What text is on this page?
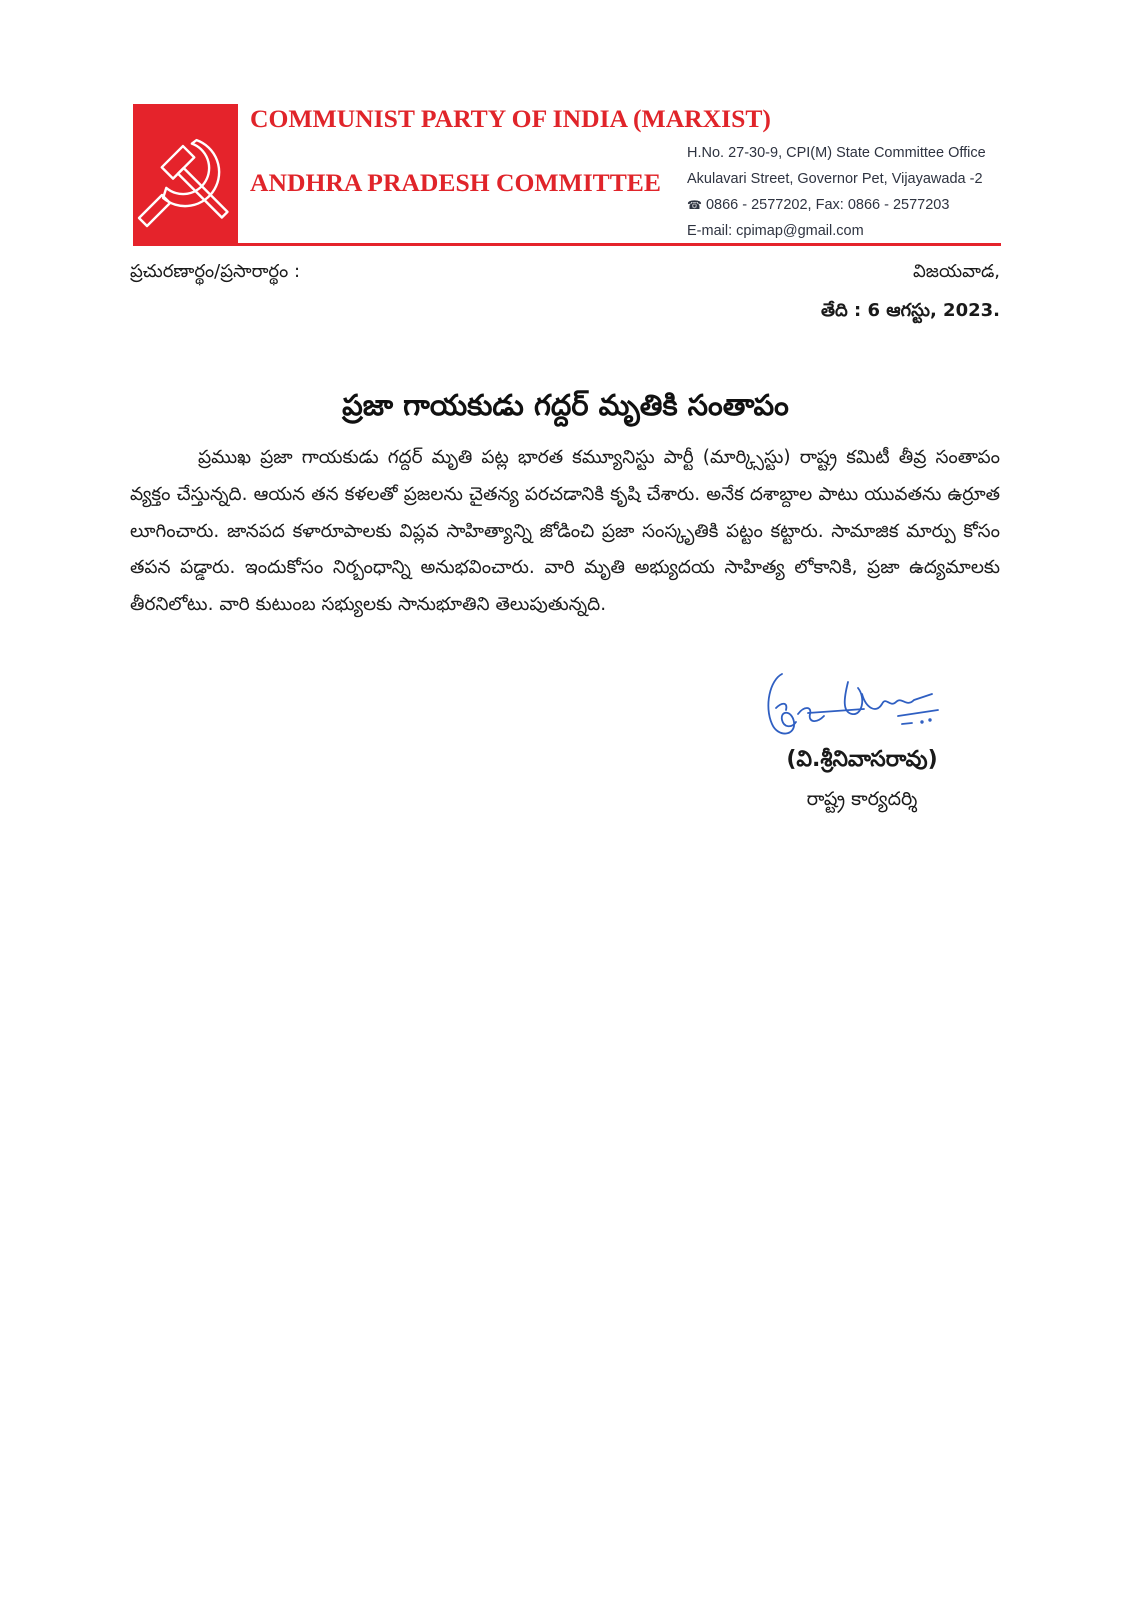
COMMUNIST PARTY OF INDIA (MARXIST)
ANDHRA PRADESH COMMITTEE
H.No. 27-30-9, CPI(M) State Committee Office
Akulavari Street, Governor Pet, Vijayawada -2
☎ 0866 - 2577202, Fax: 0866 - 2577203
E-mail: cpimap@gmail.com
ప్రచురణార్థం/ప్రసారార్థం :	విజయవాడ,
తేది : 6 ఆగస్టు, 2023.
ప్రజా గాయకుడు గద్దర్ మృతికి సంతాపం

ప్రముఖ ప్రజా గాయకుడు గద్దర్ మృతి పట్ల భారత కమ్యూనిస్టు పార్టీ (మార్క్సిస్టు) రాష్ట్ర కమిటీ తీవ్ర సంతాపం వ్యక్తం చేస్తున్నది. ఆయన తన కళలతో ప్రజలను చైతన్య పరచడానికి కృషి చేశారు. అనేక దశాబ్దాల పాటు యువతను ఉర్రూత లూగించారు. జానపద కళారూపాలకు విప్లవ సాహిత్యాన్ని జోడించి ప్రజా సంస్కృతికి పట్టం కట్టారు. సామాజిక మార్పు కోసం తపన పడ్డారు. ఇందుకోసం నిర్బంధాన్ని అనుభవించారు. వారి మృతి అభ్యుదయ సాహిత్య లోకానికి, ప్రజా ఉద్యమాలకు తీరనిలోటు. వారి కుటుంబ సభ్యులకు సానుభూతిని తెలుపుతున్నది.

(వి.శ్రీనివాసరావు)
రాష్ట్ర కార్యదర్శి
